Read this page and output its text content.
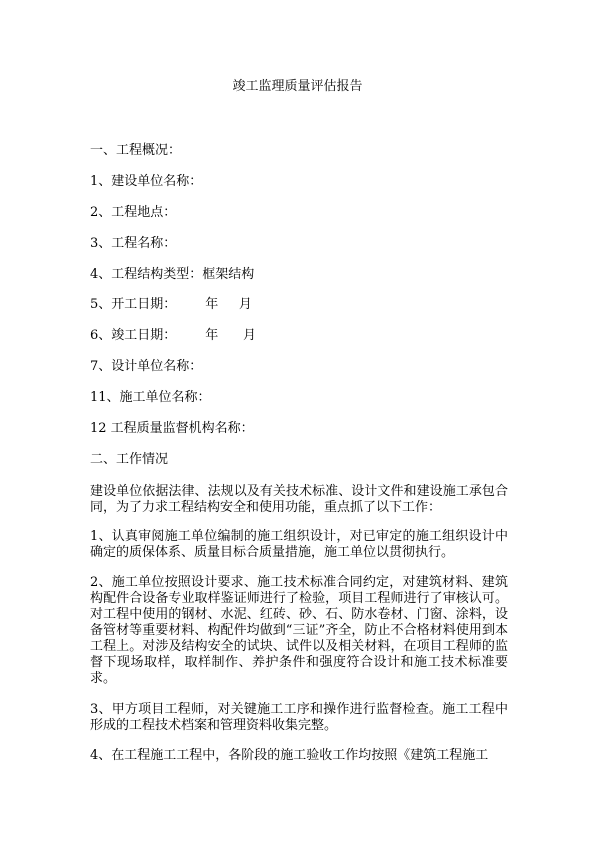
竣工监理质量评估报告
一、工程概况：
1、建设单位名称：
2、工程地点：
3、工程名称：
4、工程结构类型：框架结构
5、开工日期：       年     月
6、竣工日期：       年      月
7、设计单位名称：
11、施工单位名称：
12 工程质量监督机构名称：
二、工作情况
建设单位依据法律、法规以及有关技术标准、设计文件和建设施工承包合同，为了力求工程结构安全和使用功能，重点抓了以下工作：
1、认真审阅施工单位编制的施工组织设计，对已审定的施工组织设计中确定的质保体系、质量目标合质量措施，施工单位以贯彻执行。
2、施工单位按照设计要求、施工技术标准合同约定，对建筑材料、建筑构配件合设备专业取样鉴证师进行了检验，项目工程师进行了审核认可。对工程中使用的钢材、水泥、红砖、砂、石、防水卷材、门窗、涂料，设备管材等重要材料、构配件均做到“三证”齐全，防止不合格材料使用到本工程上。对涉及结构安全的试块、试件以及相关材料，在项目工程师的监督下现场取样，取样制作、养护条件和强度符合设计和施工技术标准要求。
3、甲方项目工程师，对关键施工工序和操作进行监督检查。施工工程中形成的工程技术档案和管理资料收集完整。
4、在工程施工工程中，各阶段的施工验收工作均按照《建筑工程施工
